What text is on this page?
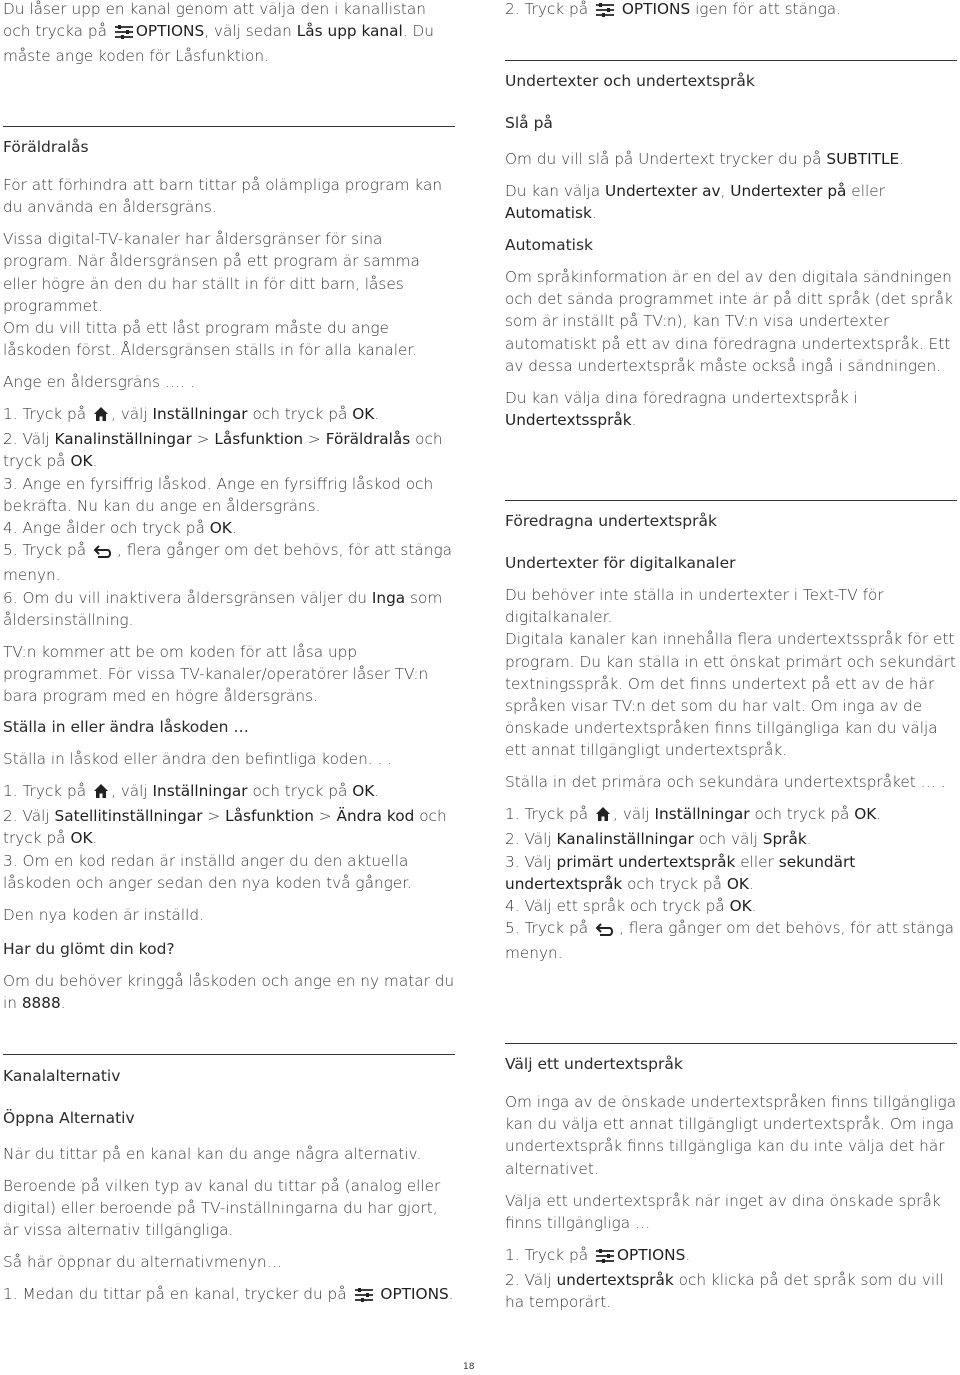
Du låser upp en kanal genom att välja den i kanallistan och trycka på OPTIONS, välj sedan Lås upp kanal. Du måste ange koden för Låsfunktion.

Föräldralås

För att förhindra att barn tittar på olämpliga program kan du använda en åldersgräns.

Vissa digital-TV-kanaler har åldersgränser för sina program. När åldersgränsen på ett program är samma eller högre än den du har ställt in för ditt barn, låses programmet.

Om du vill titta på ett låst program måste du ange låskoden först. Åldersgränsen ställs in för alla kanaler.

Ange en åldersgräns …. .

1. Tryck på , välj Inställningar och tryck på OK.

2. Välj Kanalinställningar > Låsfunktion > Föräldralås och tryck på OK.

3. Ange en fyrsiffrig låskod. Ange en fyrsiffrig låskod och bekräfta. Nu kan du ange en åldersgräns.

4. Ange ålder och tryck på OK.

5. Tryck på , flera gånger om det behövs, för att stänga menyn.

6. Om du vill inaktivera åldersgränsen väljer du Inga som åldersinställning.

TV:n kommer att be om koden för att låsa upp programmet. För vissa TV-kanaler/operatörer låser TV:n bara program med en högre åldersgräns.

Ställa in eller ändra låskoden …

Ställa in låskod eller ändra den befintliga koden. . .

1. Tryck på , välj Inställningar och tryck på OK.

2. Välj Satellitinställningar > Låsfunktion > Ändra kod och tryck på OK.

3. Om en kod redan är inställd anger du den aktuella låskoden och anger sedan den nya koden två gånger.

Den nya koden är inställd.

Har du glömt din kod?

Om du behöver kringgå låskoden och ange en ny matar du in 8888.

Kanalalternativ
Öppna Alternativ

När du tittar på en kanal kan du ange några alternativ.

Beroende på vilken typ av kanal du tittar på (analog eller digital) eller beroende på TV-inställningarna du har gjort, är vissa alternativ tillgängliga.

Så här öppnar du alternativmenyn…

1. Medan du tittar på en kanal, trycker du på OPTIONS.

2. Tryck på OPTIONS igen för att stänga.

Undertexter och undertextspråk
Slå på

Om du vill slå på Undertext trycker du på SUBTITLE.

Du kan välja Undertexter av, Undertexter på eller Automatisk.

Automatisk

Om språkinformation är en del av den digitala sändningen och det sända programmet inte är på ditt språk (det språk som är inställt på TV:n), kan TV:n visa undertexter automatiskt på ett av dina föredragna undertextspråk. Ett av dessa undertextspråk måste också ingå i sändningen.

Du kan välja dina föredragna undertextspråk i Undertextsspråk.

Föredragna undertextspråk
Undertexter för digitalkanaler

Du behöver inte ställa in undertexter i Text-TV för digitalkanaler.

Digitala kanaler kan innehålla flera undertextsspråk för ett program. Du kan ställa in ett önskat primärt och sekundärt textningsspråk. Om det finns undertext på ett av de här språken visar TV:n det som du har valt. Om inga av de önskade undertextspråken finns tillgängliga kan du välja ett annat tillgängligt undertextspråk.

Ställa in det primära och sekundära undertextspråket … .

1. Tryck på , välj Inställningar och tryck på OK.

2. Välj Kanalinställningar och välj Språk.

3. Välj primärt undertextspråk eller sekundärt undertextspråk och tryck på OK.

4. Välj ett språk och tryck på OK.

5. Tryck på , flera gånger om det behövs, för att stänga menyn.

Välj ett undertextspråk

Om inga av de önskade undertextspråken finns tillgängliga kan du välja ett annat tillgängligt undertextspråk. Om inga undertextspråk finns tillgängliga kan du inte välja det här alternativet.

Välja ett undertextspråk när inget av dina önskade språk finns tillgängliga …

1. Tryck på OPTIONS.

2. Välj undertextspråk och klicka på det språk som du vill ha temporärt.

18
